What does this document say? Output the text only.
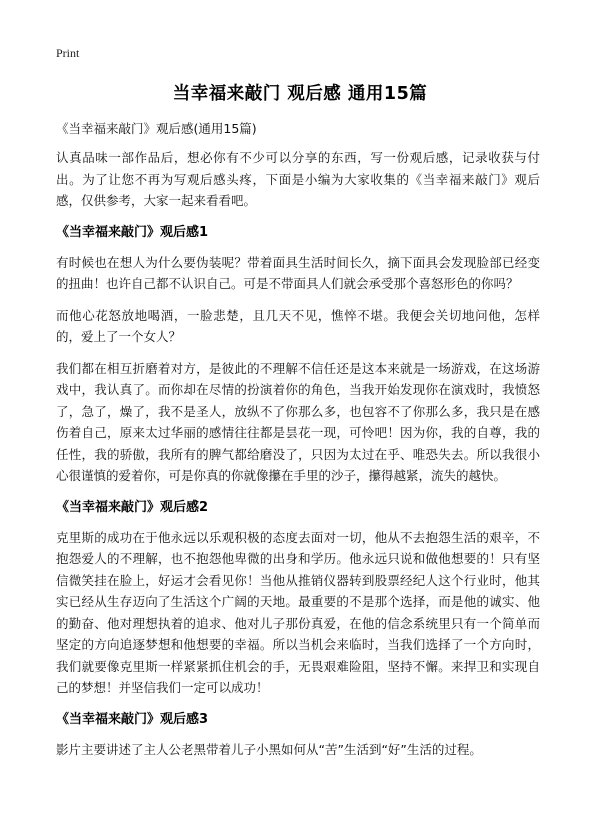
Print
当幸福来敲门 观后感 通用15篇

《当幸福来敲门》观后感(通用15篇)

认真品味一部作品后，想必你有不少可以分享的东西，写一份观后感，记录收获与付出。为了让您不再为写观后感头疼，下面是小编为大家收集的《当幸福来敲门》观后感，仅供参考，大家一起来看看吧。

《当幸福来敲门》观后感1

有时候也在想人为什么要伪装呢？带着面具生活时间长久，摘下面具会发现脸部已经变的扭曲！也许自己都不认识自己。可是不带面具人们就会承受那个喜怒形色的你吗？

而他心花怒放地喝酒，一脸悲楚，且几天不见，憔悴不堪。我便会关切地问他，怎样的，爱上了一个女人？

我们都在相互折磨着对方，是彼此的不理解不信任还是这本来就是一场游戏，在这场游戏中，我认真了。而你却在尽情的扮演着你的角色，当我开始发现你在演戏时，我愤怒了，急了，燥了，我不是圣人，放纵不了你那么多，也包容不了你那么多，我只是在感伤着自己，原来太过华丽的感情往往都是昙花一现，可怜吧！因为你，我的自尊，我的任性，我的骄傲，我所有的脾气都给磨没了，只因为太过在乎、唯恐失去。所以我很小心很谨慎的爱着你，可是你真的你就像攥在手里的沙子，攥得越紧，流失的越快。

《当幸福来敲门》观后感2

克里斯的成功在于他永远以乐观积极的态度去面对一切，他从不去抱怨生活的艰辛，不抱怨爱人的不理解，也不抱怨他卑微的出身和学历。他永远只说和做他想要的！只有坚信微笑挂在脸上，好运才会看见你！当他从推销仪器转到股票经纪人这个行业时，他其实已经从生存迈向了生活这个广阔的天地。最重要的不是那个选择，而是他的诚实、他的勤奋、他对理想执着的追求、他对儿子那份真爱，在他的信念系统里只有一个简单而坚定的方向追逐梦想和他想要的幸福。所以当机会来临时，当我们选择了一个方向时，我们就要像克里斯一样紧紧抓住机会的手，无畏艰难险阻，坚持不懈。来捍卫和实现自己的梦想！并坚信我们一定可以成功！

《当幸福来敲门》观后感3

影片主要讲述了主人公老黑带着儿子小黑如何从“苦”生活到“好”生活的过程。
